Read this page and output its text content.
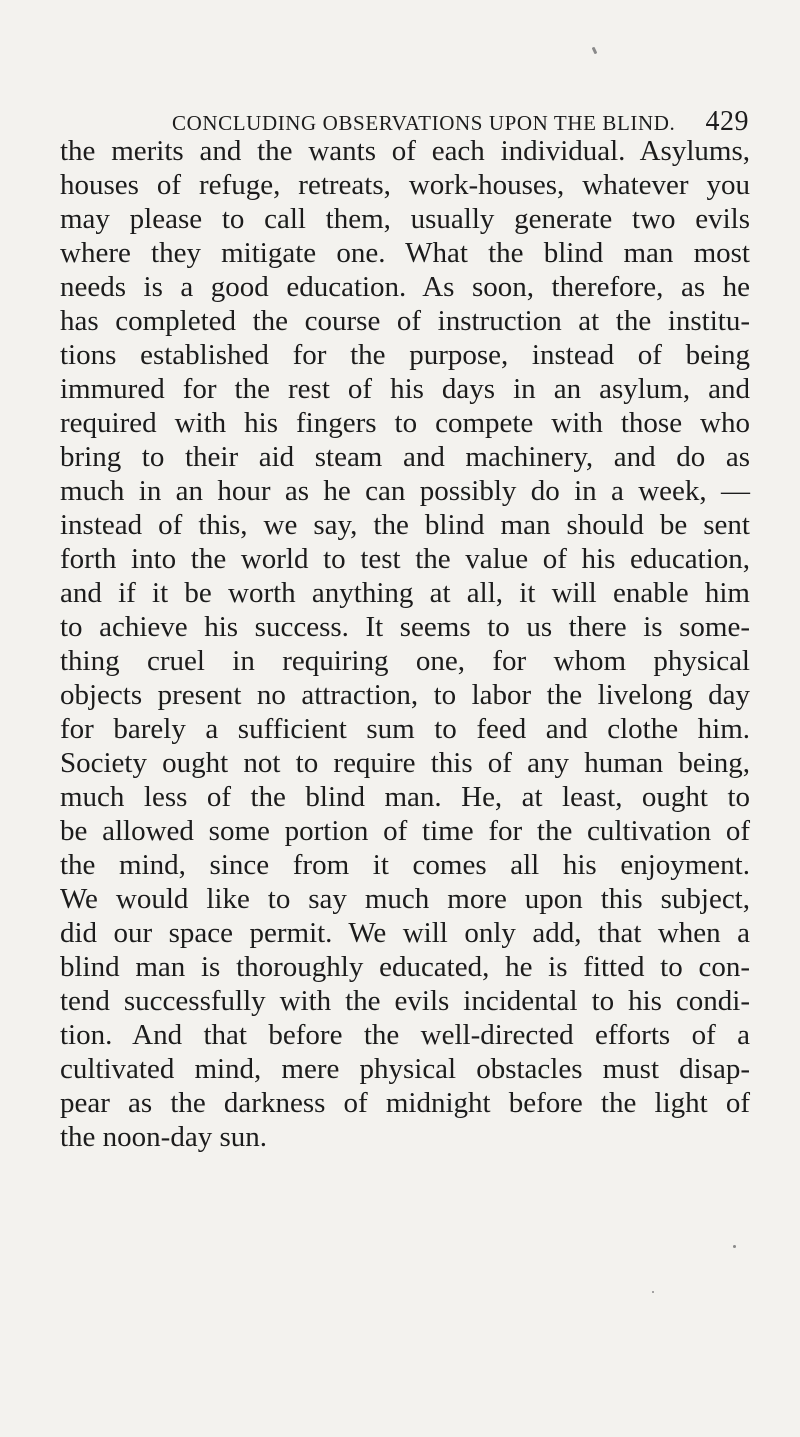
CONCLUDING OBSERVATIONS UPON THE BLIND. 429
the merits and the wants of each individual. Asylums,
houses of refuge, retreats, work-houses, whatever you
may please to call them, usually generate two evils
where they mitigate one. What the blind man most
needs is a good education. As soon, therefore, as he
has completed the course of instruction at the institu-
tions established for the purpose, instead of being
immured for the rest of his days in an asylum, and
required with his fingers to compete with those who
bring to their aid steam and machinery, and do as
much in an hour as he can possibly do in a week, —
instead of this, we say, the blind man should be sent
forth into the world to test the value of his education,
and if it be worth anything at all, it will enable him
to achieve his success. It seems to us there is some-
thing cruel in requiring one, for whom physical
objects present no attraction, to labor the livelong day
for barely a sufficient sum to feed and clothe him.
Society ought not to require this of any human being,
much less of the blind man. He, at least, ought to
be allowed some portion of time for the cultivation of
the mind, since from it comes all his enjoyment.
We would like to say much more upon this subject,
did our space permit. We will only add, that when a
blind man is thoroughly educated, he is fitted to con-
tend successfully with the evils incidental to his condi-
tion. And that before the well-directed efforts of a
cultivated mind, mere physical obstacles must disap-
pear as the darkness of midnight before the light of
the noon-day sun.
